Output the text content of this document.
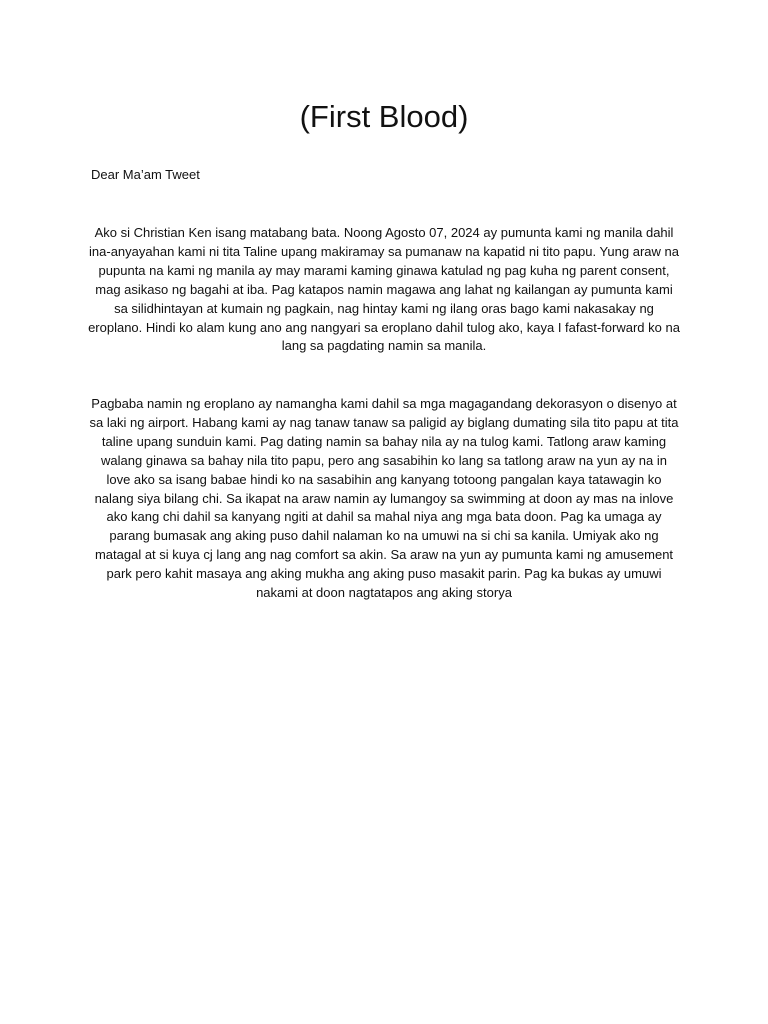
(First Blood)

Dear Ma’am Tweet

Ako si Christian Ken isang matabang bata. Noong Agosto 07, 2024 ay pumunta kami ng manila dahil ina-anyayahan kami ni tita Taline upang makiramay sa pumanaw na kapatid ni tito papu. Yung araw na pupunta na kami ng manila ay may marami kaming ginawa katulad ng pag kuha ng parent consent, mag asikaso ng bagahi at iba. Pag katapos namin magawa ang lahat ng kailangan ay pumunta kami sa silidhintayan at kumain ng pagkain, nag hintay kami ng ilang oras bago kami nakasakay ng eroplano. Hindi ko alam kung ano ang nangyari sa eroplano dahil tulog ako, kaya I fafast-forward ko na lang sa pagdating namin sa manila.

Pagbaba namin ng eroplano ay namangha kami dahil sa mga magagandang dekorasyon o disenyo at sa laki ng airport. Habang kami ay nag tanaw tanaw sa paligid ay biglang dumating sila tito papu at tita taline upang sunduin kami. Pag dating namin sa bahay nila ay na tulog kami. Tatlong araw kaming walang ginawa sa bahay nila tito papu, pero ang sasabihin ko lang sa tatlong araw na yun ay na in love ako sa isang babae hindi ko na sasabihin ang kanyang totoong pangalan kaya tatawagin ko nalang siya bilang chi. Sa ikapat na araw namin ay lumangoy sa swimming at doon ay mas na inlove ako kang chi dahil sa kanyang ngiti at dahil sa mahal niya ang mga bata doon. Pag ka umaga ay parang bumasak ang aking puso dahil nalaman ko na umuwi na si chi sa kanila. Umiyak ako ng matagal at si kuya cj lang ang nag comfort sa akin. Sa araw na yun ay pumunta kami ng amusement park pero kahit masaya ang aking mukha ang aking puso masakit parin. Pag ka bukas ay umuwi nakami at doon nagtatapos ang aking storya
